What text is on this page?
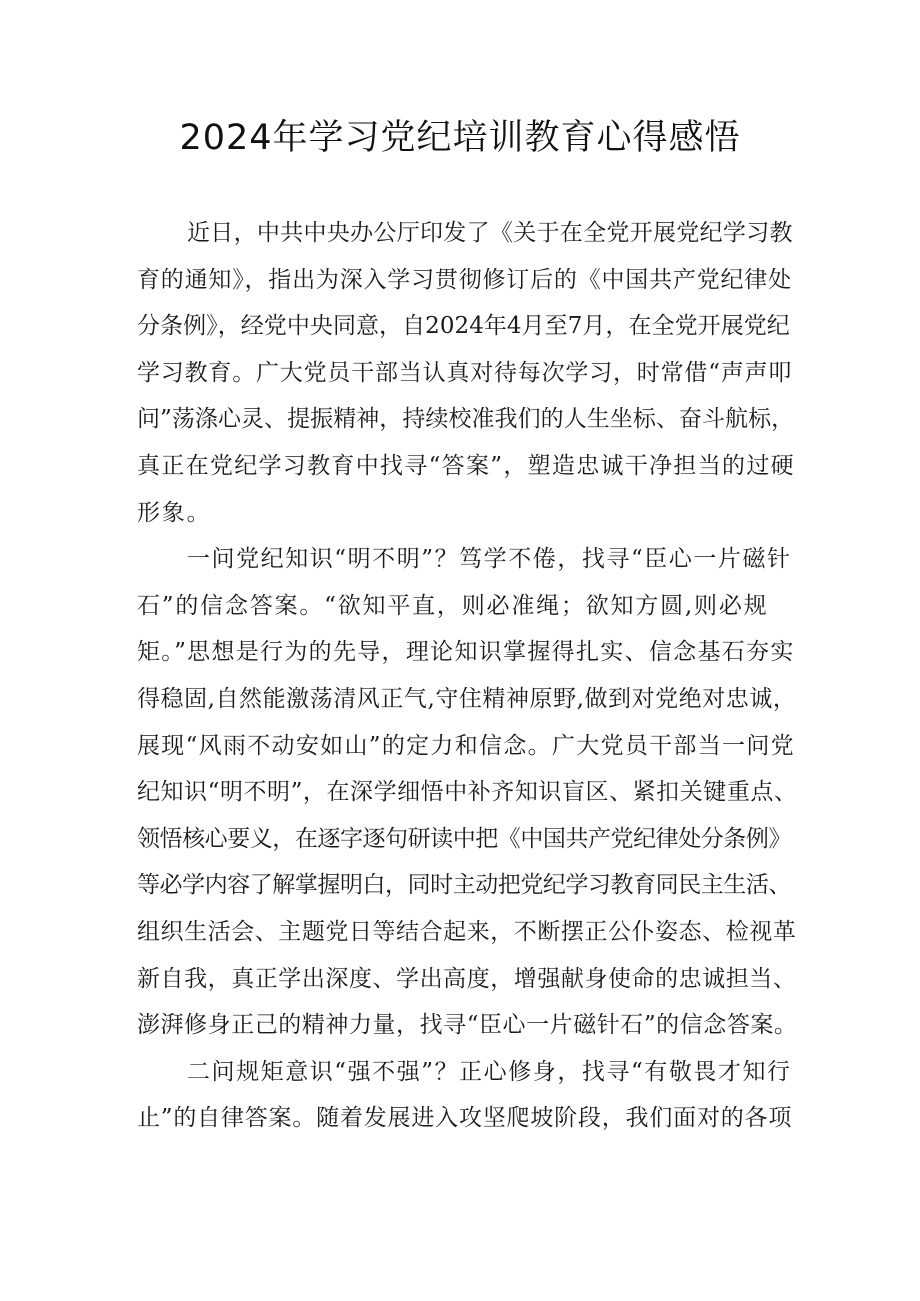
2024年学习党纪培训教育心得感悟
近日，中共中央办公厅印发了《关于在全党开展党纪学习教
育的通知》，指出为深入学习贯彻修订后的《中国共产党纪律处
分条例》，经党中央同意，自2024年4月至7月，在全党开展党纪
学习教育。广大党员干部当认真对待每次学习，时常借“声声叩
问”荡涤心灵、提振精神，持续校准我们的人生坐标、奋斗航标，
真正在党纪学习教育中找寻“答案”，塑造忠诚干净担当的过硬
形象。
一问党纪知识“明不明”？笃学不倦，找寻“臣心一片磁针
石”的信念答案。“欲知平直，则必准绳；欲知方圆,则必规
矩。”思想是行为的先导，理论知识掌握得扎实、信念基石夯实
得稳固,自然能激荡清风正气,守住精神原野,做到对党绝对忠诚，
展现“风雨不动安如山”的定力和信念。广大党员干部当一问党
纪知识“明不明”，在深学细悟中补齐知识盲区、紧扣关键重点、
领悟核心要义，在逐字逐句研读中把《中国共产党纪律处分条例》
等必学内容了解掌握明白，同时主动把党纪学习教育同民主生活、
组织生活会、主题党日等结合起来，不断摆正公仆姿态、检视革
新自我，真正学出深度、学出高度，增强献身使命的忠诚担当、
澎湃修身正己的精神力量，找寻“臣心一片磁针石”的信念答案。
二问规矩意识“强不强”？正心修身，找寻“有敬畏才知行
止”的自律答案。随着发展进入攻坚爬坡阶段，我们面对的各项
